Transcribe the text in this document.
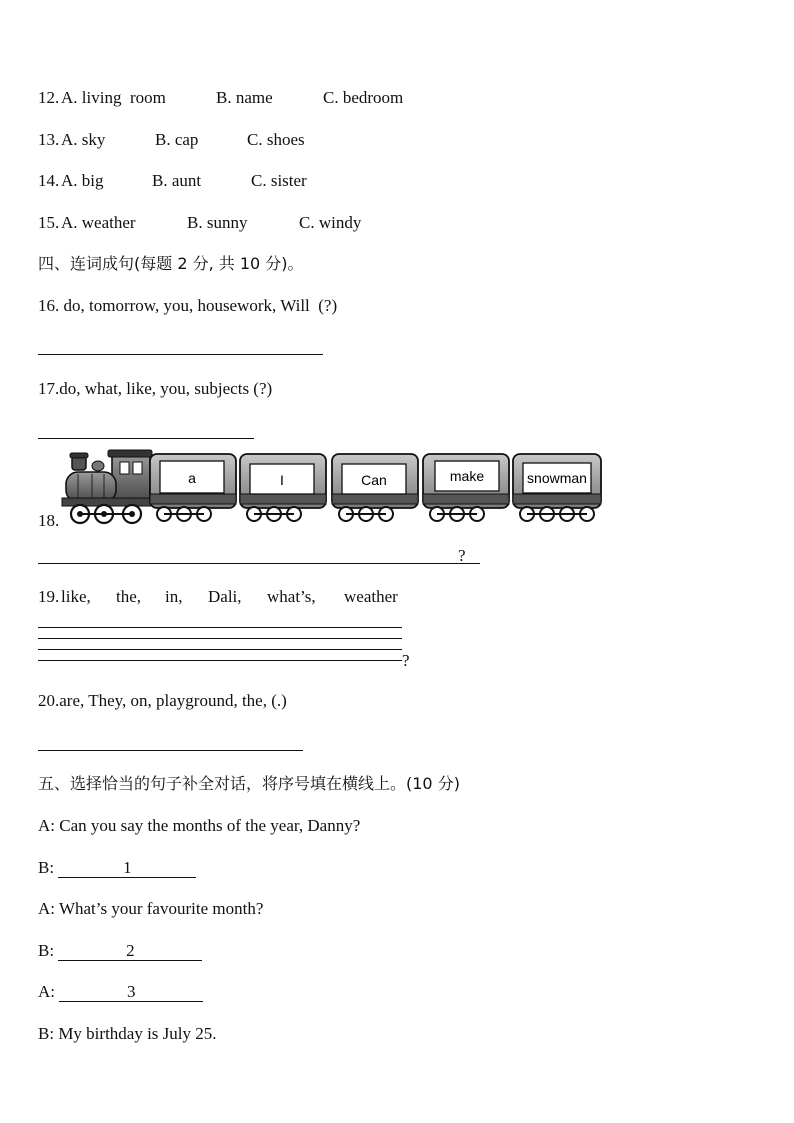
12. A. living  room	B. name	C. bedroom
13. A. sky	B. cap	C. shoes
14. A. big	B. aunt	C. sister
15. A. weather	B. sunny	C. windy
四、连词成句(每题 2 分, 共 10 分)。
16. do, tomorrow, you, housework, Will  (?)
17.do, what, like, you, subjects (?)
18.
a	I	Can	make	snowman
?
19. like, the, in, Dali, what’s, weather
?
20.are, They, on, playground, the, (.)
五、选择恰当的句子补全对话，将序号填在横线上。(10 分)
A: Can you say the months of the year, Danny?
B:	1
A: What’s your favourite month?
B:	2
A:	3
B: My birthday is July 25.
